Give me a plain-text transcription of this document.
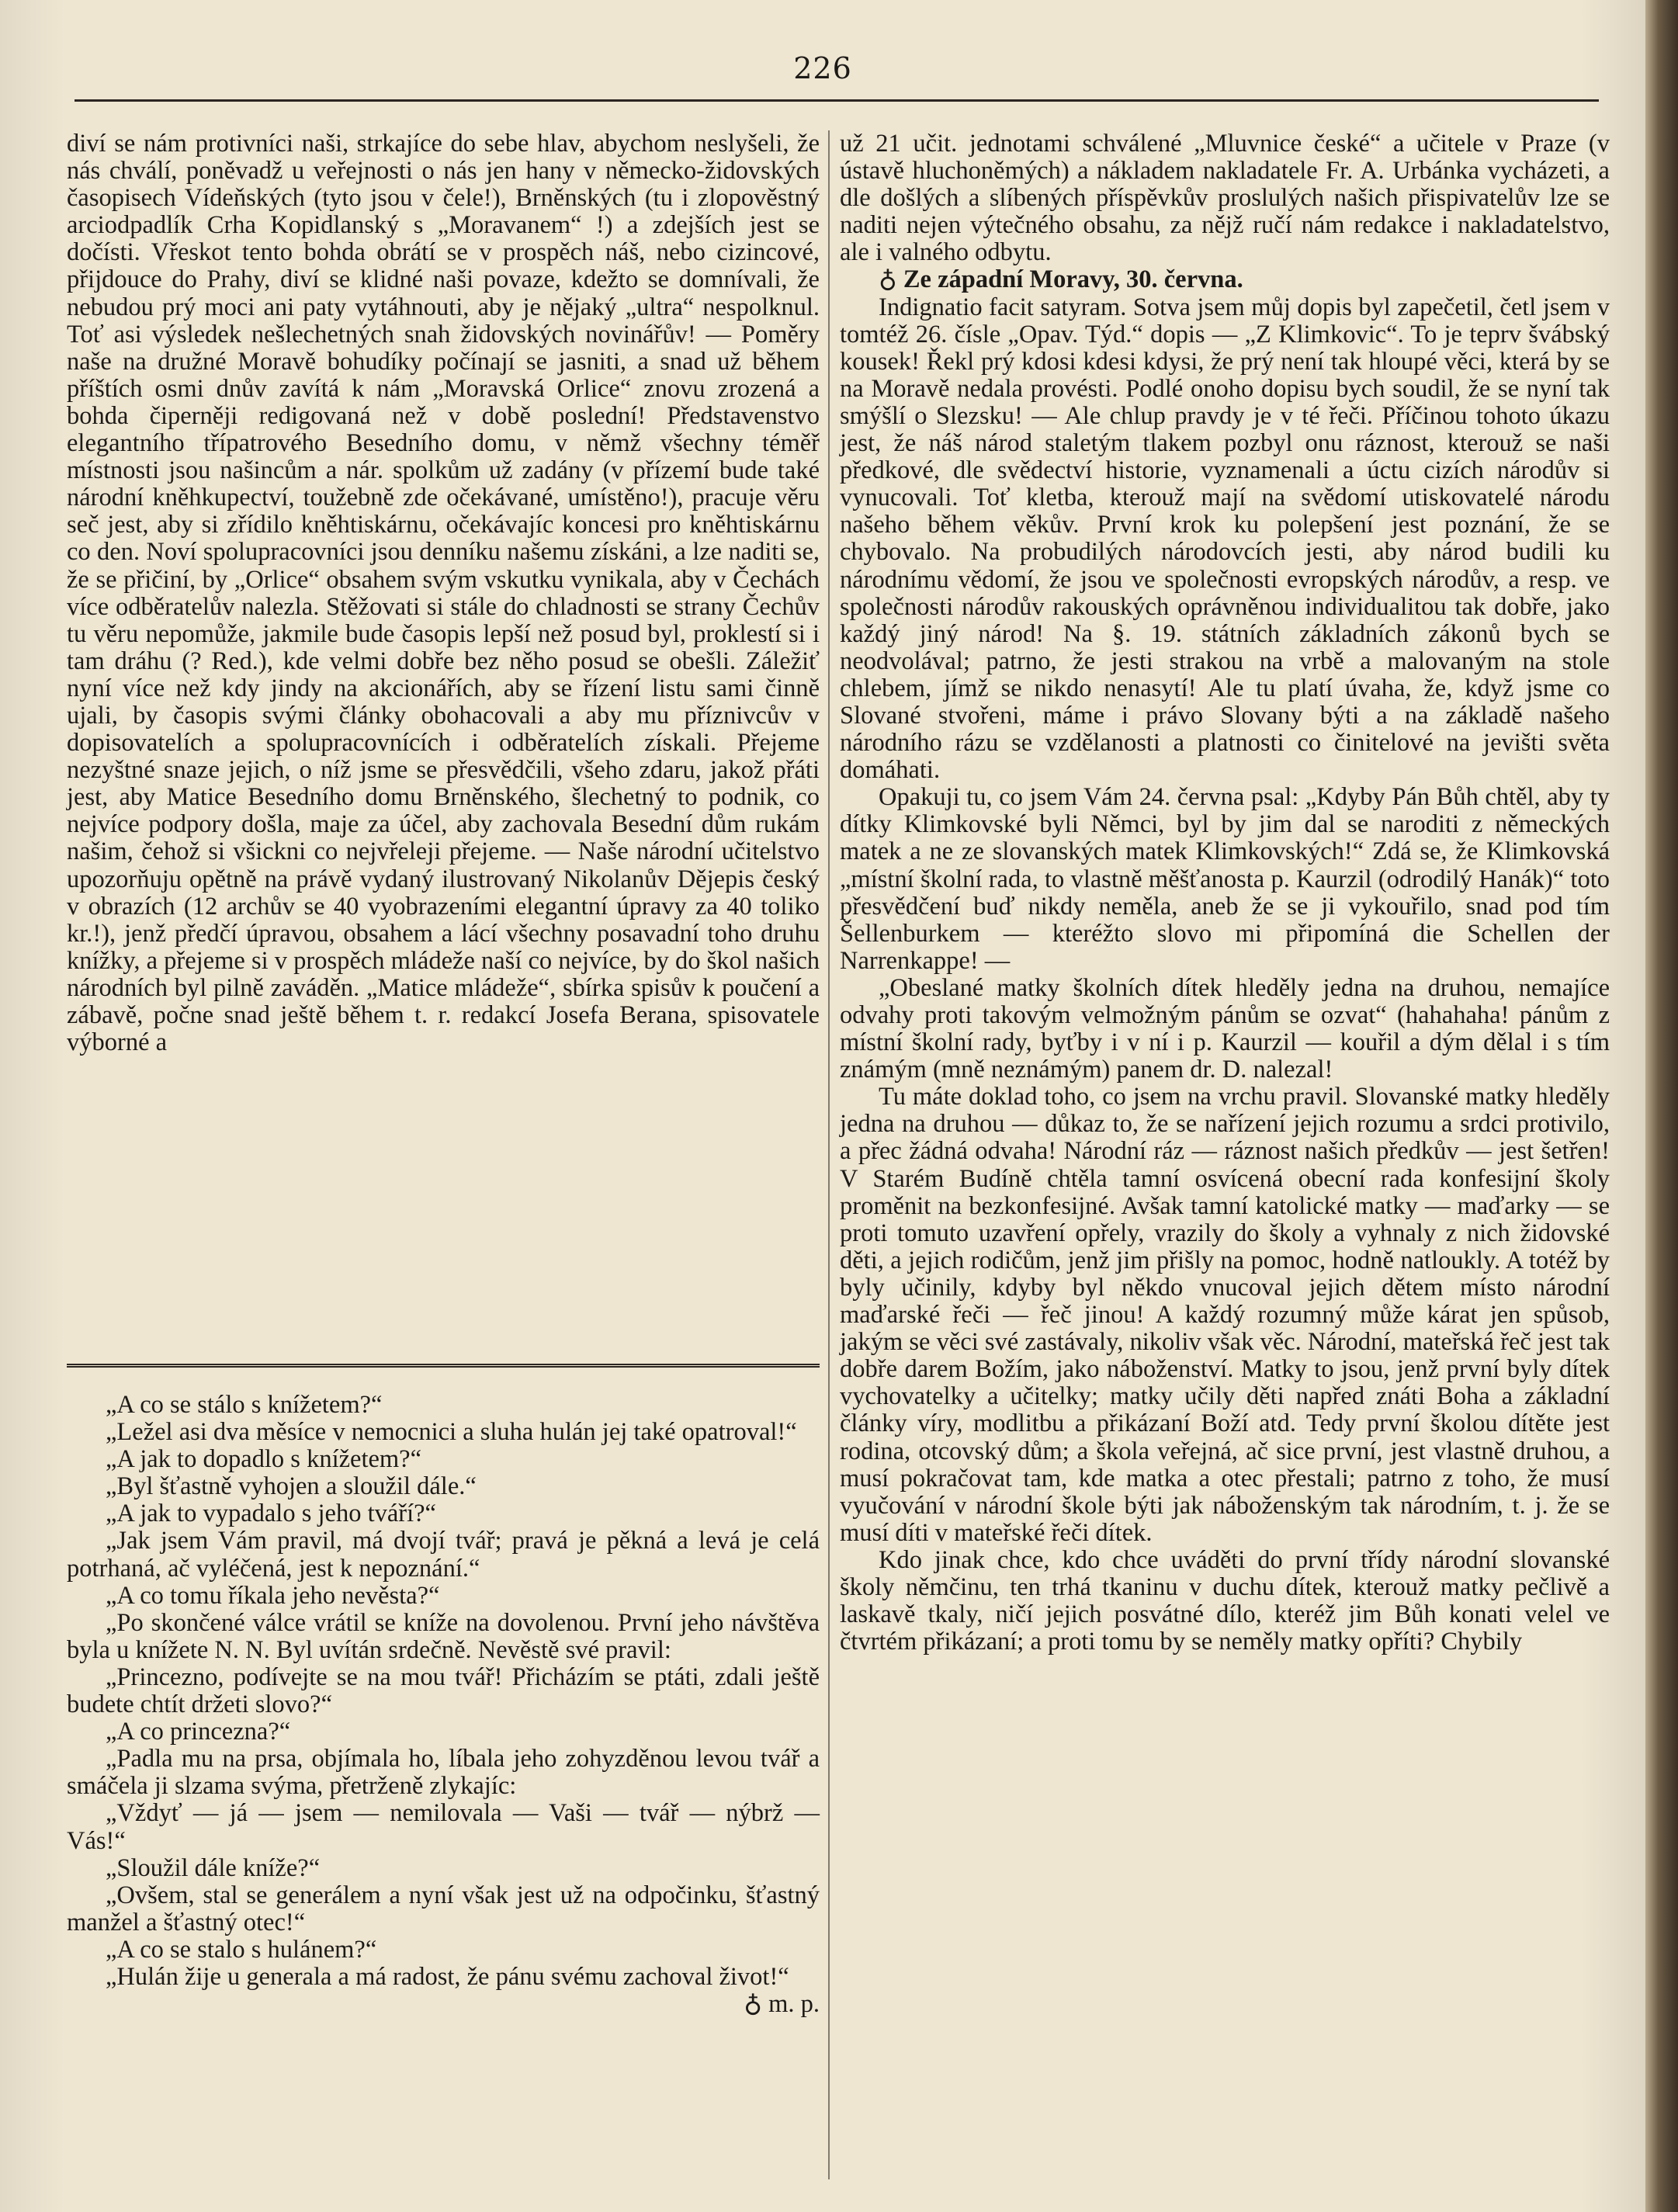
226

diví se nám protivníci naši, strkajíce do sebe hlav, abychom neslyšeli, že nás chválí, poněvadž u veřejnosti o nás jen hany v německo-židovských časopisech Vídeňských (tyto jsou v čele!), Brněnských (tu i zlopověstný arciodpadlík Crha Kopidlanský s „Moravanem“ !) a zdejších jest se dočísti. Vřeskot tento bohda obrátí se v prospěch náš, nebo cizincové, přijdouce do Prahy, diví se klidné naši povaze, kdežto se domnívali, že nebudou prý moci ani paty vytáhnouti, aby je nějaký „ultra“ nespolknul. Toť asi výsledek nešlechetných snah židovských novinářův! — Poměry naše na družné Moravě bohudíky počínají se jasniti, a snad už během příštích osmi dnův zavítá k nám „Moravská Orlice“ znovu zrozená a bohda čiperněji redigovaná než v době poslední! Představenstvo elegantního třípatrového Besedního domu, v němž všechny téměř místnosti jsou našincům a nár. spolkům už zadány (v přízemí bude také národní kněhkupectví, toužebně zde očekávané, umístěno!), pracuje věru seč jest, aby si zřídilo kněhtiskárnu, očekávajíc koncesi pro kněhtiskárnu co den. Noví spolupracovníci jsou denníku našemu získáni, a lze naditi se, že se přičiní, by „Orlice“ obsahem svým vskutku vynikala, aby v Čechách více odběratelův nalezla. Stěžovati si stále do chladnosti se strany Čechův tu věru nepomůže, jakmile bude časopis lepší než posud byl, proklestí si i tam dráhu (? Red.), kde velmi dobře bez něho posud se obešli. Záležiť nyní více než kdy jindy na akcionářích, aby se řízení listu sami činně ujali, by časopis svými články obohacovali a aby mu příznivcův v dopisovatelích a spolupracovnících i odběratelích získali. Přejeme nezyštné snaze jejich, o níž jsme se přesvědčili, všeho zdaru, jakož přáti jest, aby Matice Besedního domu Brněnského, šlechetný to podnik, co nejvíce podpory došla, maje za účel, aby zachovala Besední dům rukám našim, čehož si všickni co nejvřeleji přejeme. — Naše národní učitelstvo upozorňuju opětně na právě vydaný ilustrovaný Nikolanův Dějepis český v obrazích (12 archův se 40 vyobrazeními elegantní úpravy za 40 toliko kr.!), jenž předčí úpravou, obsahem a lácí všechny posavadní toho druhu knížky, a přejeme si v prospěch mládeže naší co nejvíce, by do škol našich národních byl pilně zaváděn. „Matice mládeže“, sbírka spisův k poučení a zábavě, počne snad ještě během t. r. redakcí Josefa Berana, spisovatele výborné a

„A co se stálo s knížetem?“

„Ležel asi dva měsíce v nemocnici a sluha hulán jej také opatroval!“

„A jak to dopadlo s knížetem?“

„Byl šťastně vyhojen a sloužil dále.“

„A jak to vypadalo s jeho tváří?“

„Jak jsem Vám pravil, má dvojí tvář; pravá je pěkná a levá je celá potrhaná, ač vyléčená, jest k nepoznání.“

„A co tomu říkala jeho nevěsta?“

„Po skončené válce vrátil se kníže na dovolenou. První jeho návštěva byla u knížete N. N. Byl uvítán srdečně. Nevěstě své pravil:

„Princezno, podívejte se na mou tvář! Přicházím se ptáti, zdali ještě budete chtít držeti slovo?“

„A co princezna?“

„Padla mu na prsa, objímala ho, líbala jeho zohyzděnou levou tvář a smáčela ji slzama svýma, přetrženě zlykajíc:

„Vždyť — já — jsem — nemilovala — Vaši — tvář — nýbrž — Vás!“

„Sloužil dále kníže?“

„Ovšem, stal se generálem a nyní však jest už na odpočinku, šťastný manžel a šťastný otec!“

„A co se stalo s hulánem?“

„Hulán žije u generala a má radost, že pánu svému zachoval život!“

♁ m. p.

už 21 učit. jednotami schválené „Mluvnice české“ a učitele v Praze (v ústavě hluchoněmých) a nákladem nakladatele Fr. A. Urbánka vycházeti, a dle došlých a slíbených příspěvkův proslulých našich přispivatelův lze se naditi nejen výtečného obsahu, za nějž ručí nám redakce i nakladatelstvo, ale i valného odbytu.

♁ Ze západní Moravy, 30. června.

Indignatio facit satyram. Sotva jsem můj dopis byl zapečetil, četl jsem v tomtéž 26. čísle „Opav. Týd.“ dopis — „Z Klimkovic“. To je teprv švábský kousek! Řekl prý kdosi kdesi kdysi, že prý není tak hloupé věci, která by se na Moravě nedala provésti. Podlé onoho dopisu bych soudil, že se nyní tak smýšlí o Slezsku! — Ale chlup pravdy je v té řeči. Příčinou tohoto úkazu jest, že náš národ staletým tlakem pozbyl onu ráznost, kterouž se naši předkové, dle svědectví historie, vyznamenali a úctu cizích národův si vynucovali. Toť kletba, kterouž mají na svědomí utiskovatelé národu našeho během věkův. První krok ku polepšení jest poznání, že se chybovalo. Na probudilých národovcích jesti, aby národ budili ku národnímu vědomí, že jsou ve společnosti evropských národův, a resp. ve společnosti národův rakouských oprávněnou individualitou tak dobře, jako každý jiný národ! Na §. 19. státních základních zákonů bych se neodvolával; patrno, že jesti strakou na vrbě a malovaným na stole chlebem, jímž se nikdo nenasytí! Ale tu platí úvaha, že, když jsme co Slované stvořeni, máme i právo Slovany býti a na základě našeho národního rázu se vzdělanosti a platnosti co činitelové na jevišti světa domáhati.

Opakuji tu, co jsem Vám 24. června psal: „Kdyby Pán Bůh chtěl, aby ty dítky Klimkovské byli Němci, byl by jim dal se naroditi z německých matek a ne ze slovanských matek Klimkovských!“ Zdá se, že Klimkovská „místní školní rada, to vlastně měšťanosta p. Kaurzil (odrodilý Hanák)“ toto přesvědčení buď nikdy neměla, aneb že se ji vykouřilo, snad pod tím Šellenburkem — kteréžto slovo mi připomíná die Schellen der Narrenkappe! —

„Obeslané matky školních dítek hleděly jedna na druhou, nemajíce odvahy proti takovým velmožným pánům se ozvat“ (hahahaha! pánům z místní školní rady, byťby i v ní i p. Kaurzil — kouřil a dým dělal i s tím známým (mně neznámým) panem dr. D. nalezal!

Tu máte doklad toho, co jsem na vrchu pravil. Slovanské matky hleděly jedna na druhou — důkaz to, že se nařízení jejich rozumu a srdci protivilo, a přec žádná odvaha! Národní ráz — ráznost našich předkův — jest šetřen! V Starém Budíně chtěla tamní osvícená obecní rada konfesijní školy proměnit na bezkonfesijné. Avšak tamní katolické matky — maďarky — se proti tomuto uzavření opřely, vrazily do školy a vyhnaly z nich židovské děti, a jejich rodičům, jenž jim přišly na pomoc, hodně natloukly. A totéž by byly učinily, kdyby byl někdo vnucoval jejich dětem místo národní maďarské řeči — řeč jinou! A každý rozumný může kárat jen spůsob, jakým se věci své zastávaly, nikoliv však věc. Národní, mateřská řeč jest tak dobře darem Božím, jako náboženství. Matky to jsou, jenž první byly dítek vychovatelky a učitelky; matky učily děti napřed znáti Boha a základní články víry, modlitbu a přikázaní Boží atd. Tedy první školou dítěte jest rodina, otcovský dům; a škola veřejná, ač sice první, jest vlastně druhou, a musí pokračovat tam, kde matka a otec přestali; patrno z toho, že musí vyučování v národní škole býti jak náboženským tak národním, t. j. že se musí díti v mateřské řeči dítek.

Kdo jinak chce, kdo chce uváděti do první třídy národní slovanské školy němčinu, ten trhá tkaninu v duchu dítek, kterouž matky pečlivě a laskavě tkaly, ničí jejich posvátné dílo, kteréž jim Bůh konati velel ve čtvrtém přikázaní; a proti tomu by se neměly matky opříti? Chybily
